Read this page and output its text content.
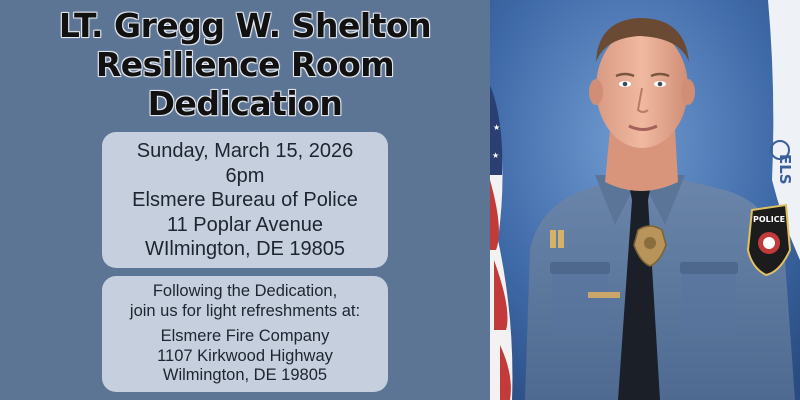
LT. Gregg W. Shelton
Resilience Room
Dedication
Sunday, March 15, 2026
6pm
Elsmere Bureau of Police
11 Poplar Avenue
WIlmington, DE 19805
Following the Dedication,
join us for light refreshments at:
Elsmere Fire Company
1107 Kirkwood Highway
Wilmington, DE 19805
★
★	ELS
POLICE
